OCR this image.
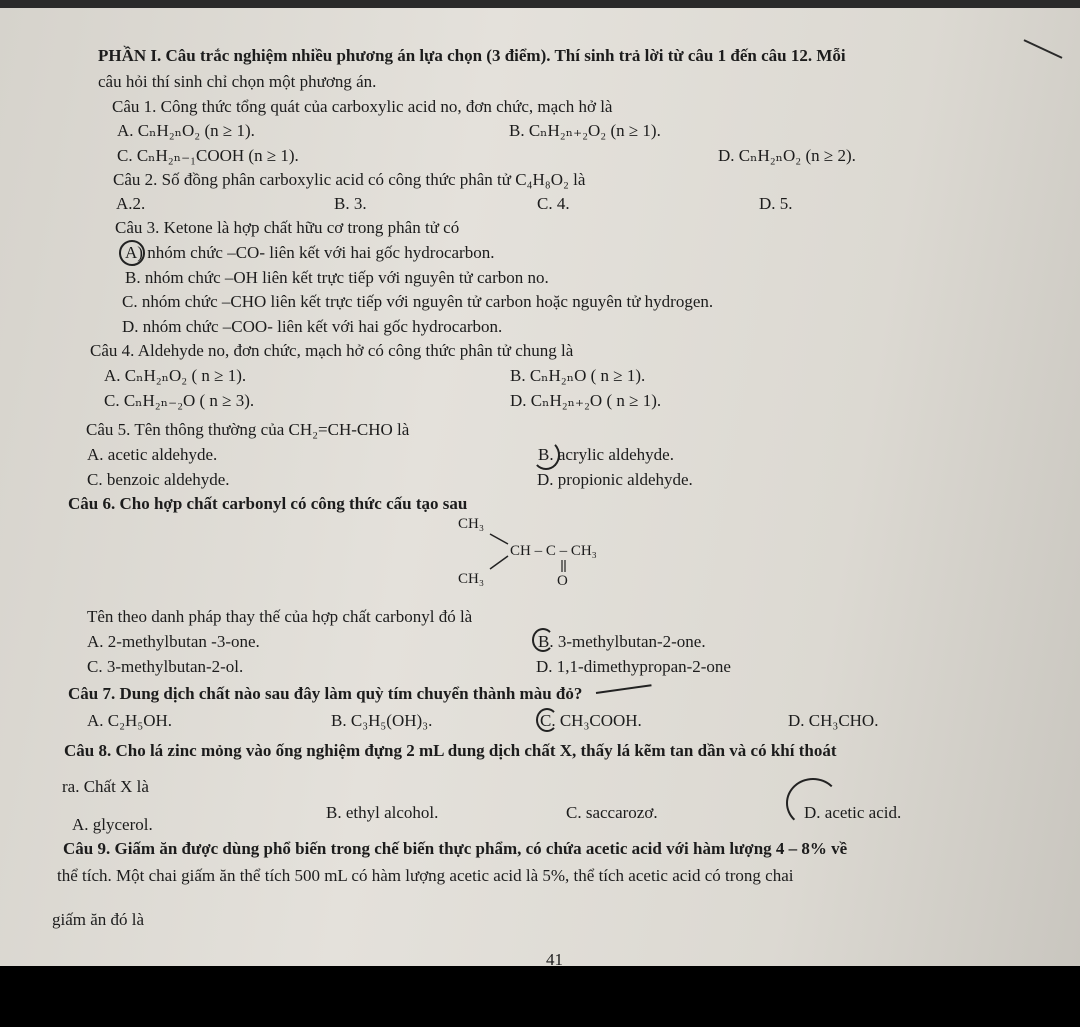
PHẦN I. Câu trắc nghiệm nhiều phương án lựa chọn (3 điểm). Thí sinh trả lời từ câu 1 đến câu 12. Mỗi
câu hỏi thí sinh chỉ chọn một phương án.
Câu 1. Công thức tổng quát của carboxylic acid no, đơn chức, mạch hở là
A. CₙH₂ₙO₂ (n ≥ 1).	B. CₙH₂ₙ₊₂O₂ (n ≥ 1).
C. CₙH₂ₙ₋₁COOH (n ≥ 1).	D. CₙH₂ₙO₂ (n ≥ 2).
Câu 2. Số đồng phân carboxylic acid có công thức phân tử C₄H₈O₂ là
A.2.	B. 3.	C. 4.	D. 5.
Câu 3. Ketone là hợp chất hữu cơ trong phân tử có
A) nhóm chức –CO- liên kết với hai gốc hydrocarbon.
B. nhóm chức –OH liên kết trực tiếp với nguyên tử carbon no.
C. nhóm chức –CHO liên kết trực tiếp với nguyên tử carbon hoặc nguyên tử hydrogen.
D. nhóm chức –COO- liên kết với hai gốc hydrocarbon.
Câu 4. Aldehyde no, đơn chức, mạch hở có công thức phân tử chung là
A. CₙH₂ₙO₂ ( n ≥ 1).	B. CₙH₂ₙO ( n ≥ 1).
C. CₙH₂ₙ₋₂O ( n ≥ 3).	D. CₙH₂ₙ₊₂O ( n ≥ 1).
Câu 5. Tên thông thường của CH₂=CH-CHO là
A. acetic aldehyde.	B. acrylic aldehyde.
C. benzoic aldehyde.	D. propionic aldehyde.
Câu 6. Cho hợp chất carbonyl có công thức cấu tạo sau
CH₃
CH₃
CH – C – CH₃
O
Tên theo danh pháp thay thế của hợp chất carbonyl đó là
A. 2-methylbutan -3-one.	B. 3-methylbutan-2-one.
C. 3-methylbutan-2-ol.	D. 1,1-dimethypropan-2-one
Câu 7. Dung dịch chất nào sau đây làm quỳ tím chuyển thành màu đỏ?
A. C₂H₅OH.	B. C₃H₅(OH)₃.	C. CH₃COOH.	D. CH₃CHO.
Câu 8. Cho lá zinc mỏng vào ống nghiệm đựng 2 mL dung dịch chất X, thấy lá kẽm tan dần và có khí thoát
ra. Chất X là
A. glycerol.
B. ethyl alcohol.	C. saccarozơ.	D. acetic acid.
Câu 9. Giấm ăn được dùng phổ biến trong chế biến thực phẩm, có chứa acetic acid với hàm lượng 4 – 8% về
thể tích. Một chai giấm ăn thể tích 500 mL có hàm lượng acetic acid là 5%, thể tích acetic acid có trong chai
giấm ăn đó là
41
